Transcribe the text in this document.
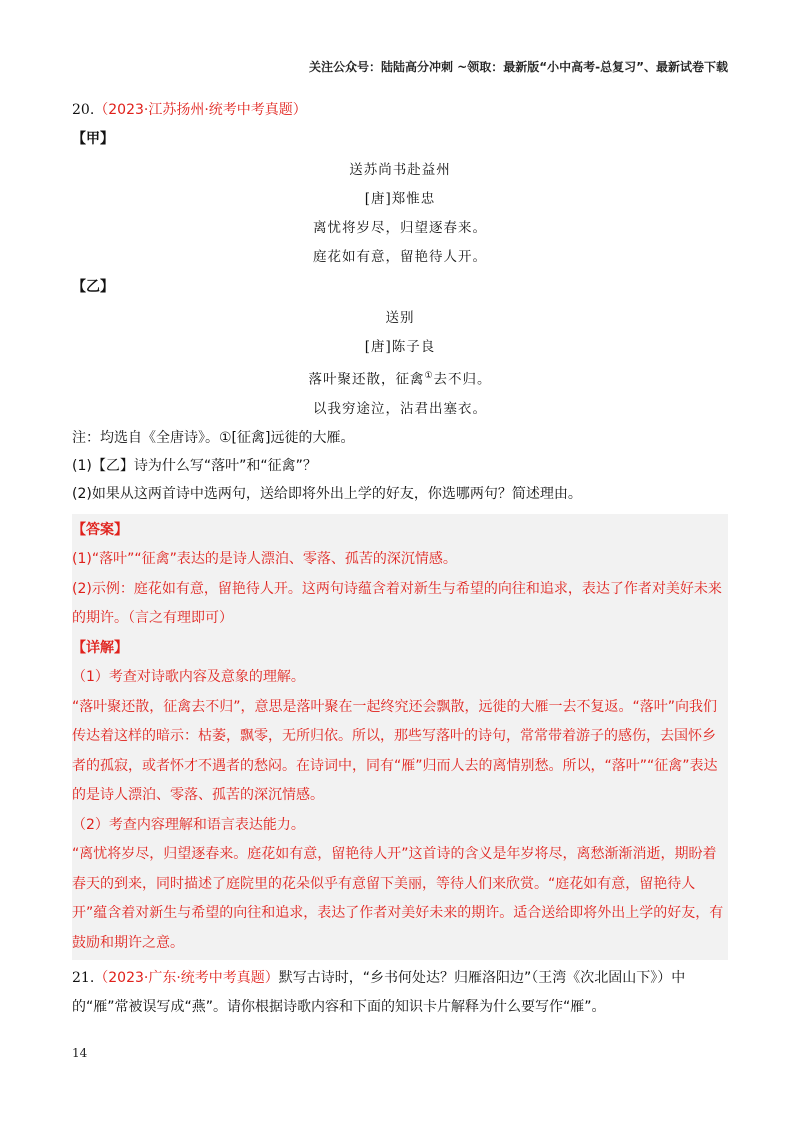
关注公众号：陆陆高分冲刺 ~领取：最新版“小中高考-总复习”、最新试卷下载
20.（2023·江苏扬州·统考中考真题）
【甲】
送苏尚书赴益州
[唐]郑惟忠
离忧将岁尽，归望逐春来。
庭花如有意，留艳待人开。
【乙】
送别
[唐]陈子良
落叶聚还散，征禽①去不归。
以我穷途泣，沾君出塞衣。
注：均选自《全唐诗》。①[征禽]远徙的大雁。
(1)【乙】诗为什么写“落叶”和“征禽”？
(2)如果从这两首诗中选两句，送给即将外出上学的好友，你选哪两句？简述理由。
【答案】
(1)“落叶”“征禽”表达的是诗人漂泊、零落、孤苦的深沉情感。
(2)示例：庭花如有意，留艳待人开。这两句诗蕴含着对新生与希望的向往和追求，表达了作者对美好未来的期许。（言之有理即可）
【详解】
（1）考查对诗歌内容及意象的理解。
“落叶聚还散，征禽去不归”，意思是落叶聚在一起终究还会飘散，远徙的大雁一去不复返。“落叶”向我们传达着这样的暗示：枯萎，飘零，无所归依。所以，那些写落叶的诗句，常常带着游子的感伤，去国怀乡者的孤寂，或者怀才不遇者的愁闷。在诗词中，同有“雁”归而人去的离情别愁。所以，“落叶”“征禽”表达的是诗人漂泊、零落、孤苦的深沉情感。
（2）考查内容理解和语言表达能力。
“离忧将岁尽，归望逐春来。庭花如有意，留艳待人开”这首诗的含义是年岁将尽，离愁渐渐消逝，期盼着春天的到来，同时描述了庭院里的花朵似乎有意留下美丽，等待人们来欣赏。“庭花如有意，留艳待人开”蕴含着对新生与希望的向往和追求，表达了作者对美好未来的期许。适合送给即将外出上学的好友，有鼓励和期许之意。
21.（2023·广东·统考中考真题）默写古诗时，“乡书何处达？归雁洛阳边”（王湾《次北固山下》）中的“雁”常被误写成“燕”。请你根据诗歌内容和下面的知识卡片解释为什么要写作“雁”。
14
